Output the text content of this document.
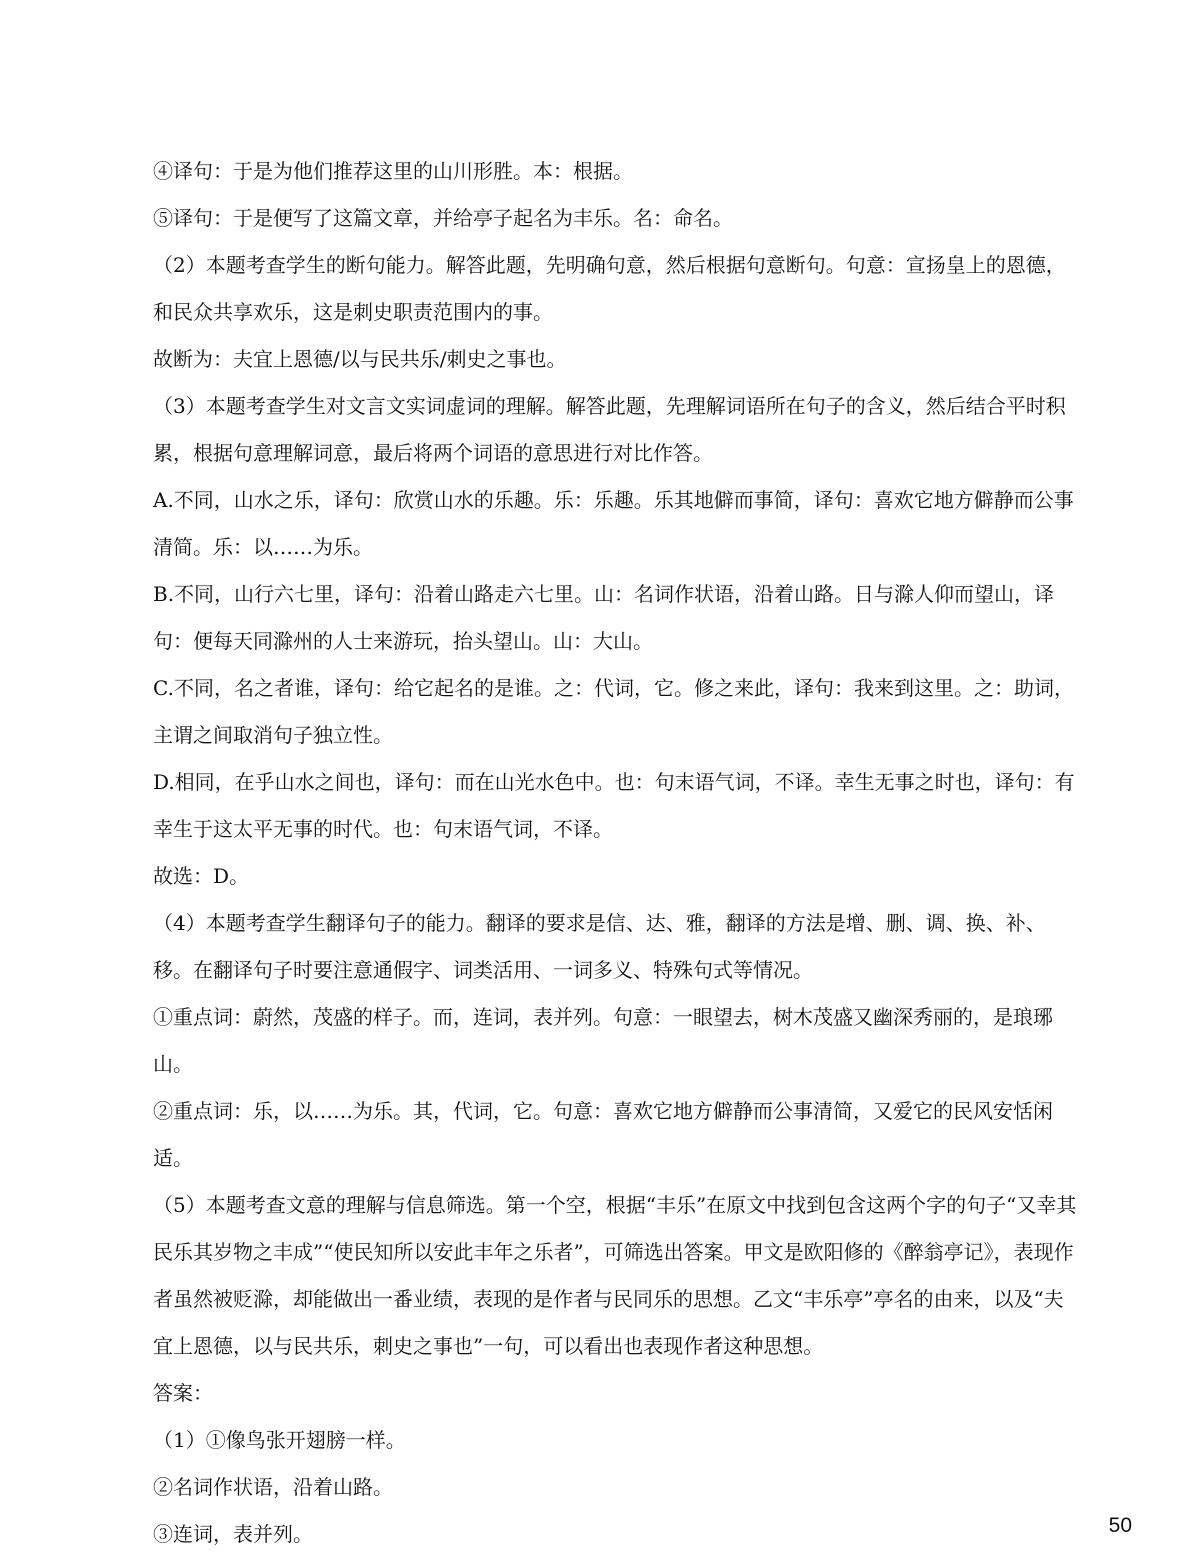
④译句：于是为他们推荐这里的山川形胜。本：根据。

⑤译句：于是便写了这篇文章，并给亭子起名为丰乐。名：命名。

（2）本题考查学生的断句能力。解答此题，先明确句意，然后根据句意断句。句意：宣扬皇上的恩德，和民众共享欢乐，这是刺史职责范围内的事。

故断为：夫宜上恩德/以与民共乐/刺史之事也。

（3）本题考查学生对文言文实词虚词的理解。解答此题，先理解词语所在句子的含义，然后结合平时积累，根据句意理解词意，最后将两个词语的意思进行对比作答。

A.不同，山水之乐，译句：欣赏山水的乐趣。乐：乐趣。乐其地僻而事简，译句：喜欢它地方僻静而公事清简。乐：以……为乐。

B.不同，山行六七里，译句：沿着山路走六七里。山：名词作状语，沿着山路。日与滁人仰而望山，译句：便每天同滁州的人士来游玩，抬头望山。山：大山。

C.不同，名之者谁，译句：给它起名的是谁。之：代词，它。修之来此，译句：我来到这里。之：助词，主谓之间取消句子独立性。

D.相同，在乎山水之间也，译句：而在山光水色中。也：句末语气词，不译。幸生无事之时也，译句：有幸生于这太平无事的时代。也：句末语气词，不译。

故选：D。

（4）本题考查学生翻译句子的能力。翻译的要求是信、达、雅，翻译的方法是增、删、调、换、补、移。在翻译句子时要注意通假字、词类活用、一词多义、特殊句式等情况。

①重点词：蔚然，茂盛的样子。而，连词，表并列。句意：一眼望去，树木茂盛又幽深秀丽的，是琅琊山。

②重点词：乐，以……为乐。其，代词，它。句意：喜欢它地方僻静而公事清简，又爱它的民风安恬闲适。

（5）本题考查文意的理解与信息筛选。第一个空，根据“丰乐”在原文中找到包含这两个字的句子“又幸其民乐其岁物之丰成”“使民知所以安此丰年之乐者”，可筛选出答案。甲文是欧阳修的《醉翁亭记》，表现作者虽然被贬滁，却能做出一番业绩，表现的是作者与民同乐的思想。乙文“丰乐亭”亭名的由来，以及“夫宜上恩德，以与民共乐，刺史之事也”一句，可以看出也表现作者这种思想。

答案：

（1）①像鸟张开翅膀一样。

②名词作状语，沿着山路。

③连词，表并列。	50
